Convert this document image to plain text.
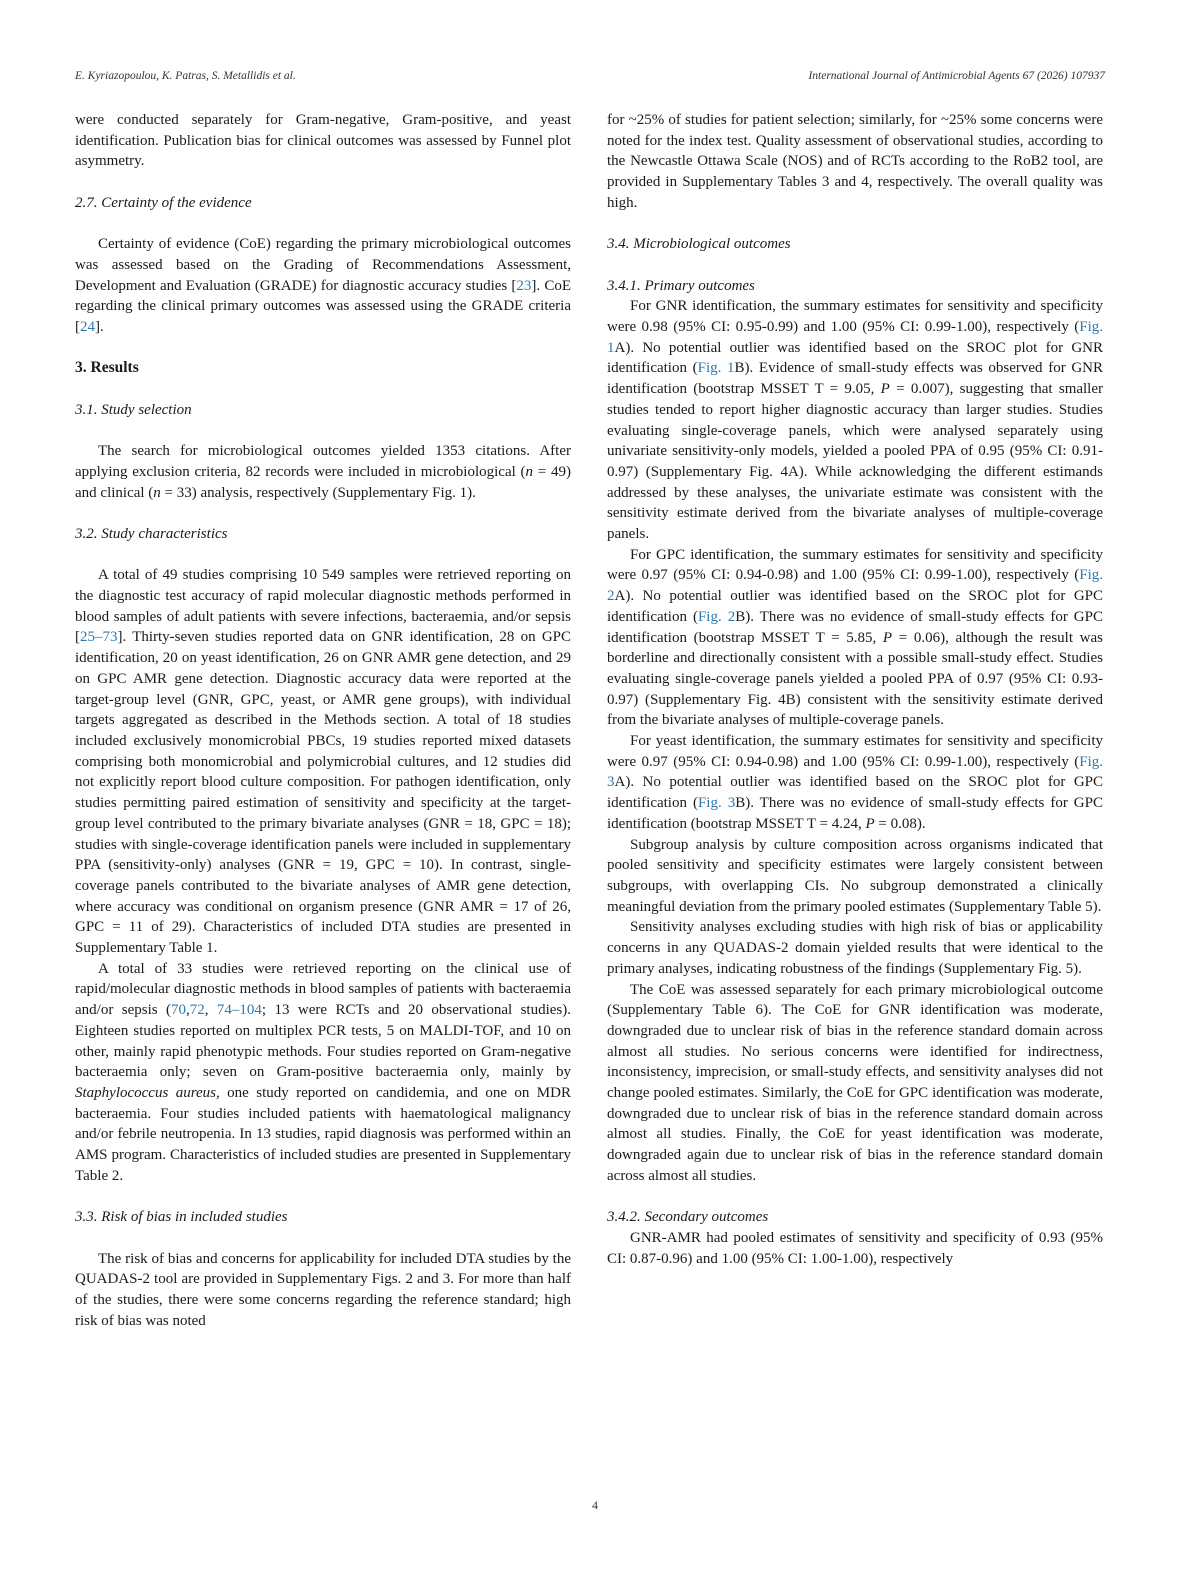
E. Kyriazopoulou, K. Patras, S. Metallidis et al.	International Journal of Antimicrobial Agents 67 (2026) 107937

were conducted separately for Gram-negative, Gram-positive, and yeast identification. Publication bias for clinical outcomes was assessed by Funnel plot asymmetry.

2.7. Certainty of the evidence

Certainty of evidence (CoE) regarding the primary microbiological outcomes was assessed based on the Grading of Recommendations Assessment, Development and Evaluation (GRADE) for diagnostic accuracy studies [23]. CoE regarding the clinical primary outcomes was assessed using the GRADE criteria [24].

3. Results
3.1. Study selection

The search for microbiological outcomes yielded 1353 citations. After applying exclusion criteria, 82 records were included in microbiological (n = 49) and clinical (n = 33) analysis, respectively (Supplementary Fig. 1).

3.2. Study characteristics

A total of 49 studies comprising 10 549 samples were retrieved reporting on the diagnostic test accuracy of rapid molecular diagnostic methods performed in blood samples of adult patients with severe infections, bacteraemia, and/or sepsis [25–73]. Thirty-seven studies reported data on GNR identification, 28 on GPC identification, 20 on yeast identification, 26 on GNR AMR gene detection, and 29 on GPC AMR gene detection. Diagnostic accuracy data were reported at the target-group level (GNR, GPC, yeast, or AMR gene groups), with individual targets aggregated as described in the Methods section. A total of 18 studies included exclusively monomicrobial PBCs, 19 studies reported mixed datasets comprising both monomicrobial and polymicrobial cultures, and 12 studies did not explicitly report blood culture composition. For pathogen identification, only studies permitting paired estimation of sensitivity and specificity at the target-group level contributed to the primary bivariate analyses (GNR = 18, GPC = 18); studies with single-coverage identification panels were included in supplementary PPA (sensitivity-only) analyses (GNR = 19, GPC = 10). In contrast, single-coverage panels contributed to the bivariate analyses of AMR gene detection, where accuracy was conditional on organism presence (GNR AMR = 17 of 26, GPC = 11 of 29). Characteristics of included DTA studies are presented in Supplementary Table 1.

A total of 33 studies were retrieved reporting on the clinical use of rapid/molecular diagnostic methods in blood samples of patients with bacteraemia and/or sepsis (70,72, 74–104; 13 were RCTs and 20 observational studies). Eighteen studies reported on multiplex PCR tests, 5 on MALDI-TOF, and 10 on other, mainly rapid phenotypic methods. Four studies reported on Gram-negative bacteraemia only; seven on Gram-positive bacteraemia only, mainly by Staphylococcus aureus, one study reported on candidemia, and one on MDR bacteraemia. Four studies included patients with haematological malignancy and/or febrile neutropenia. In 13 studies, rapid diagnosis was performed within an AMS program. Characteristics of included studies are presented in Supplementary Table 2.

3.3. Risk of bias in included studies

The risk of bias and concerns for applicability for included DTA studies by the QUADAS-2 tool are provided in Supplementary Figs. 2 and 3. For more than half of the studies, there were some concerns regarding the reference standard; high risk of bias was noted

for ~25% of studies for patient selection; similarly, for ~25% some concerns were noted for the index test. Quality assessment of observational studies, according to the Newcastle Ottawa Scale (NOS) and of RCTs according to the RoB2 tool, are provided in Supplementary Tables 3 and 4, respectively. The overall quality was high.

3.4. Microbiological outcomes
3.4.1. Primary outcomes

For GNR identification, the summary estimates for sensitivity and specificity were 0.98 (95% CI: 0.95-0.99) and 1.00 (95% CI: 0.99-1.00), respectively (Fig. 1A). No potential outlier was identified based on the SROC plot for GNR identification (Fig. 1B). Evidence of small-study effects was observed for GNR identification (bootstrap MSSET T = 9.05, P = 0.007), suggesting that smaller studies tended to report higher diagnostic accuracy than larger studies. Studies evaluating single-coverage panels, which were analysed separately using univariate sensitivity-only models, yielded a pooled PPA of 0.95 (95% CI: 0.91-0.97) (Supplementary Fig. 4A). While acknowledging the different estimands addressed by these analyses, the univariate estimate was consistent with the sensitivity estimate derived from the bivariate analyses of multiple-coverage panels.

For GPC identification, the summary estimates for sensitivity and specificity were 0.97 (95% CI: 0.94-0.98) and 1.00 (95% CI: 0.99-1.00), respectively (Fig. 2A). No potential outlier was identified based on the SROC plot for GPC identification (Fig. 2B). There was no evidence of small-study effects for GPC identification (bootstrap MSSET T = 5.85, P = 0.06), although the result was borderline and directionally consistent with a possible small-study effect. Studies evaluating single-coverage panels yielded a pooled PPA of 0.97 (95% CI: 0.93-0.97) (Supplementary Fig. 4B) consistent with the sensitivity estimate derived from the bivariate analyses of multiple-coverage panels.

For yeast identification, the summary estimates for sensitivity and specificity were 0.97 (95% CI: 0.94-0.98) and 1.00 (95% CI: 0.99-1.00), respectively (Fig. 3A). No potential outlier was identified based on the SROC plot for GPC identification (Fig. 3B). There was no evidence of small-study effects for GPC identification (bootstrap MSSET T = 4.24, P = 0.08).

Subgroup analysis by culture composition across organisms indicated that pooled sensitivity and specificity estimates were largely consistent between subgroups, with overlapping CIs. No subgroup demonstrated a clinically meaningful deviation from the primary pooled estimates (Supplementary Table 5).

Sensitivity analyses excluding studies with high risk of bias or applicability concerns in any QUADAS-2 domain yielded results that were identical to the primary analyses, indicating robustness of the findings (Supplementary Fig. 5).

The CoE was assessed separately for each primary microbiological outcome (Supplementary Table 6). The CoE for GNR identification was moderate, downgraded due to unclear risk of bias in the reference standard domain across almost all studies. No serious concerns were identified for indirectness, inconsistency, imprecision, or small-study effects, and sensitivity analyses did not change pooled estimates. Similarly, the CoE for GPC identification was moderate, downgraded due to unclear risk of bias in the reference standard domain across almost all studies. Finally, the CoE for yeast identification was moderate, downgraded again due to unclear risk of bias in the reference standard domain across almost all studies.

3.4.2. Secondary outcomes

GNR-AMR had pooled estimates of sensitivity and specificity of 0.93 (95% CI: 0.87-0.96) and 1.00 (95% CI: 1.00-1.00), respectively

4
